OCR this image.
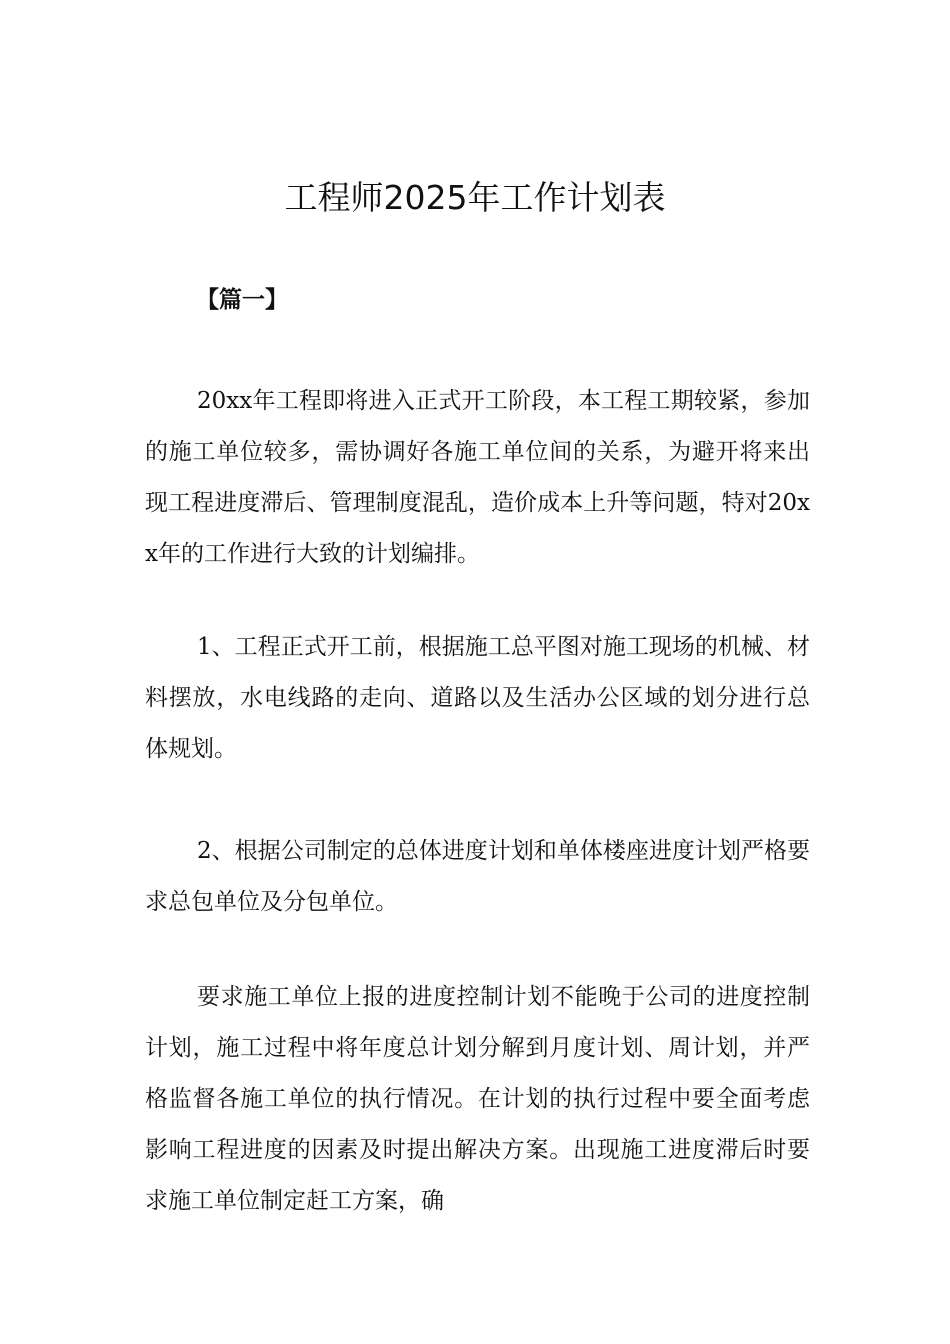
工程师2025年工作计划表
【篇一】

20xx年工程即将进入正式开工阶段，本工程工期较紧，参加的施工单位较多，需协调好各施工单位间的关系，为避开将来出现工程进度滞后、管理制度混乱，造价成本上升等问题，特对20xx年的工作进行大致的计划编排。

1、工程正式开工前，根据施工总平图对施工现场的机械、材料摆放，水电线路的走向、道路以及生活办公区域的划分进行总体规划。

2、根据公司制定的总体进度计划和单体楼座进度计划严格要求总包单位及分包单位。

要求施工单位上报的进度控制计划不能晚于公司的进度控制计划，施工过程中将年度总计划分解到月度计划、周计划，并严格监督各施工单位的执行情况。在计划的执行过程中要全面考虑影响工程进度的因素及时提出解决方案。出现施工进度滞后时要求施工单位制定赶工方案，确
